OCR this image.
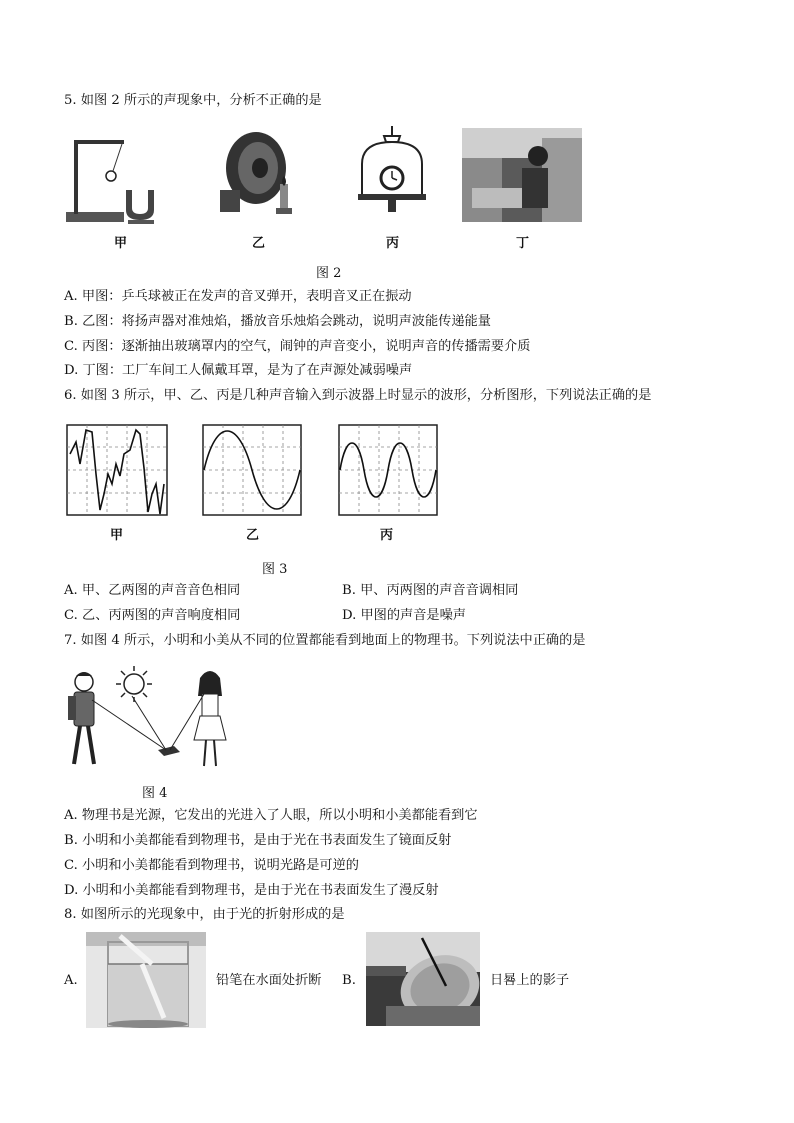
5. 如图 2 所示的声现象中，分析不正确的是
甲	乙	丙	丁
图 2
A. 甲图：乒乓球被正在发声的音叉弹开，表明音叉正在振动
B. 乙图：将扬声器对准烛焰，播放音乐烛焰会跳动，说明声波能传递能量
C. 丙图：逐渐抽出玻璃罩内的空气，闹钟的声音变小，说明声音的传播需要介质
D. 丁图：工厂车间工人佩戴耳罩，是为了在声源处减弱噪声
6. 如图 3 所示，甲、乙、丙是几种声音输入到示波器上时显示的波形，分析图形，下列说法正确的是
甲	乙	丙
图 3
A. 甲、乙两图的声音音色相同	B. 甲、丙两图的声音音调相同
C. 乙、丙两图的声音响度相同	D. 甲图的声音是噪声
7. 如图 4 所示，小明和小美从不同的位置都能看到地面上的物理书。下列说法中正确的是
图 4
A. 物理书是光源，它发出的光进入了人眼，所以小明和小美都能看到它
B. 小明和小美都能看到物理书，是由于光在书表面发生了镜面反射
C. 小明和小美都能看到物理书，说明光路是可逆的
D. 小明和小美都能看到物理书，是由于光在书表面发生了漫反射
8. 如图所示的光现象中，由于光的折射形成的是
A.	铅笔在水面处折断 B.	日晷上的影子
